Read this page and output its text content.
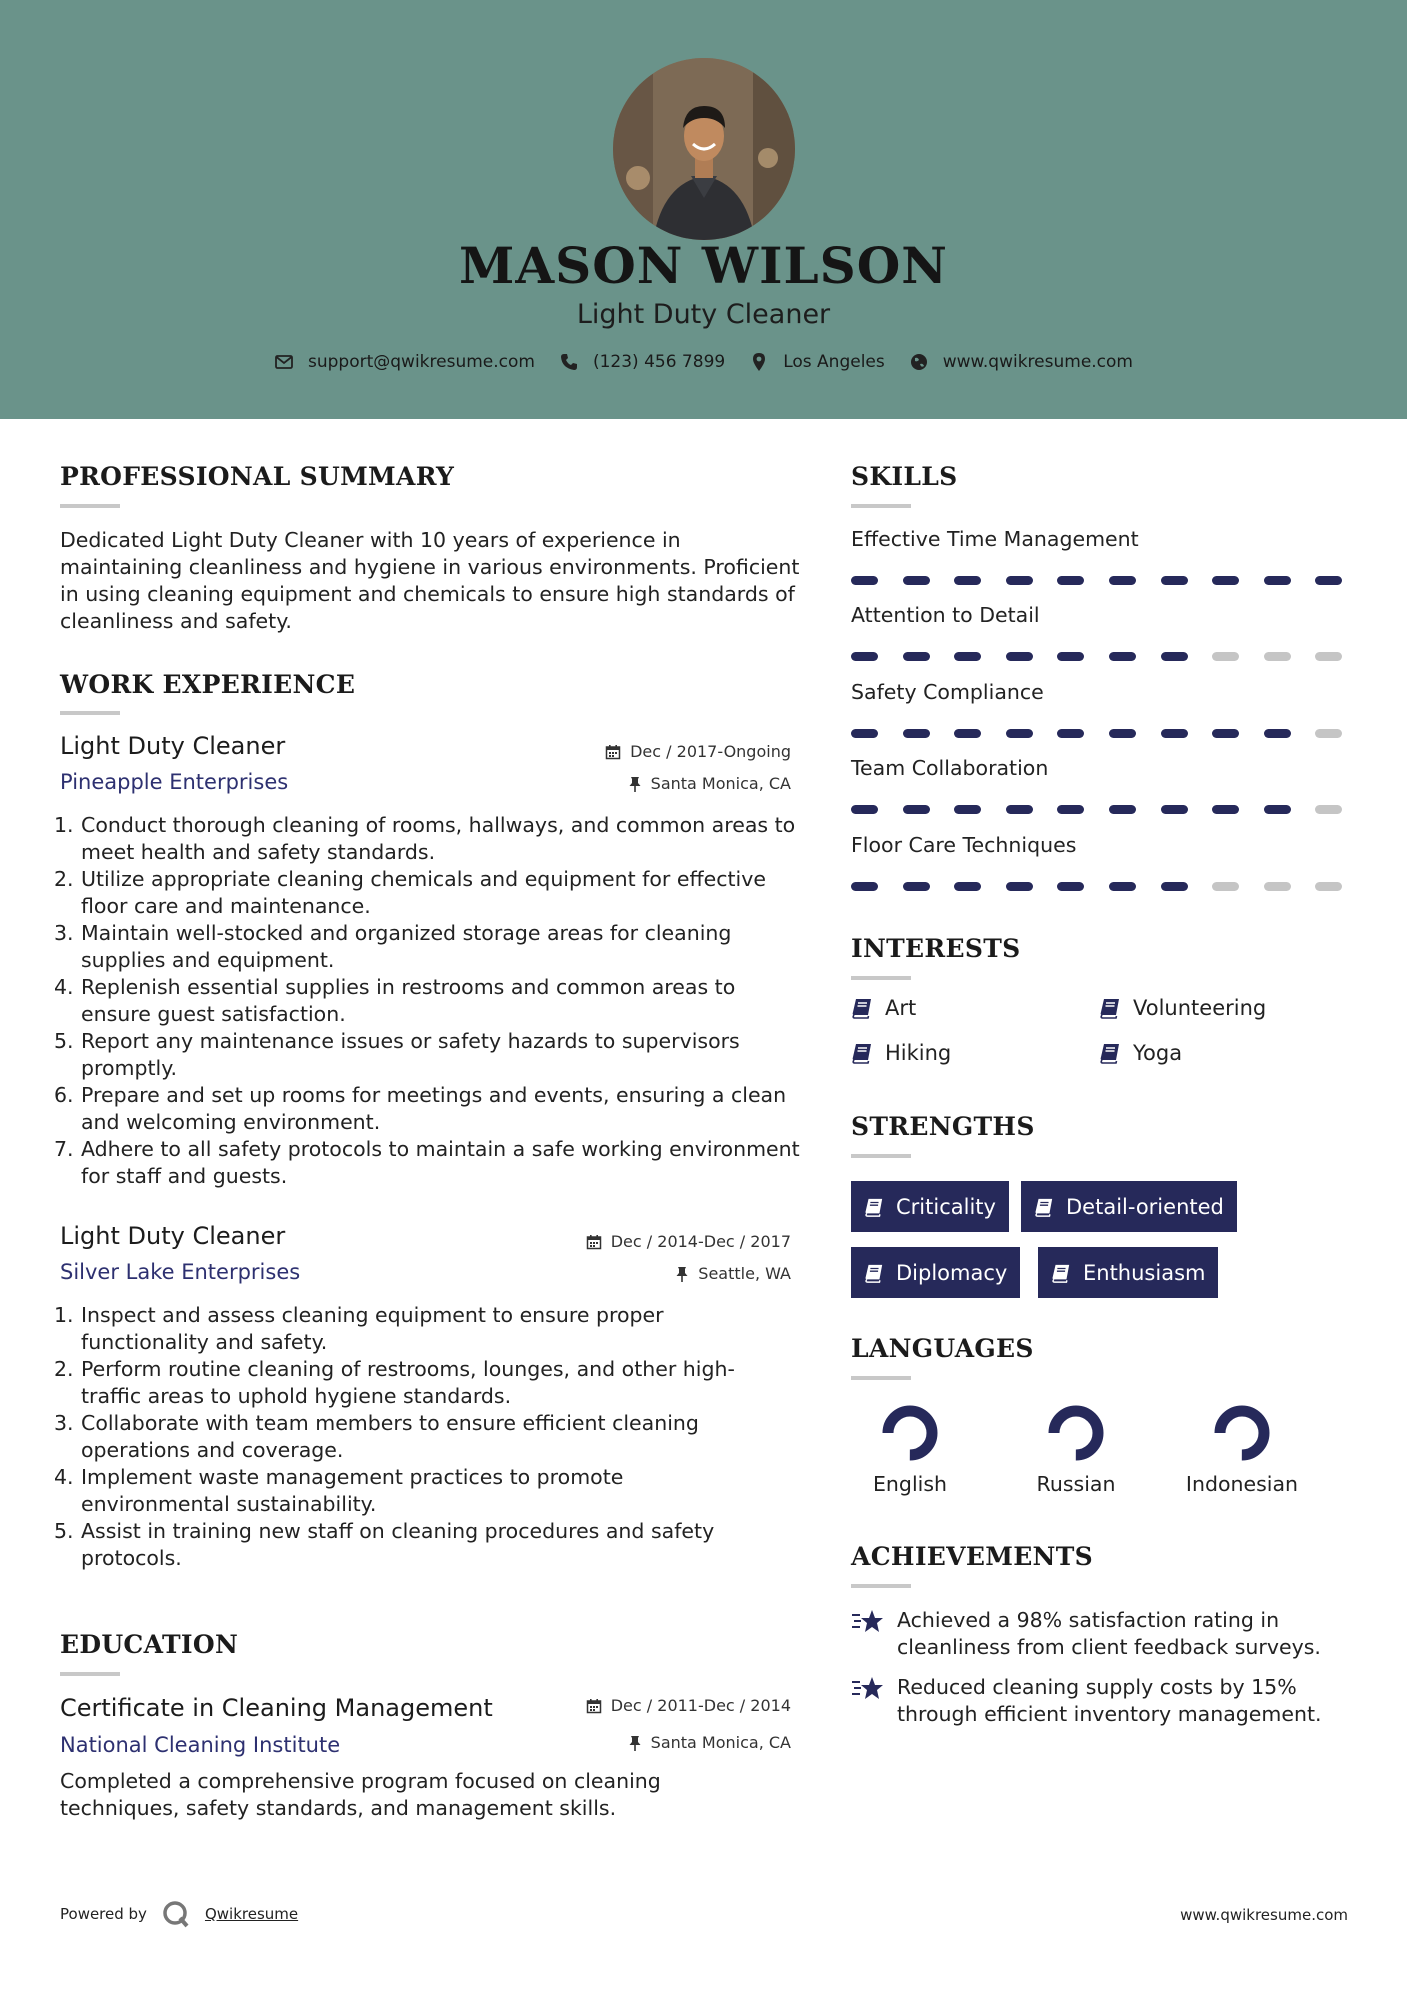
MASON WILSON
Light Duty Cleaner
support@qwikresume.com	(123) 456 7899	Los Angeles	www.qwikresume.com
PROFESSIONAL SUMMARY
Dedicated Light Duty Cleaner with 10 years of experience in maintaining cleanliness and hygiene in various environments. Proficient in using cleaning equipment and chemicals to ensure high standards of cleanliness and safety.
WORK EXPERIENCE
Light Duty Cleaner
Pineapple Enterprises
Dec / 2017-Ongoing
Santa Monica, CA
1. Conduct thorough cleaning of rooms, hallways, and common areas to meet health and safety standards.
2. Utilize appropriate cleaning chemicals and equipment for effective floor care and maintenance.
3. Maintain well-stocked and organized storage areas for cleaning supplies and equipment.
4. Replenish essential supplies in restrooms and common areas to ensure guest satisfaction.
5. Report any maintenance issues or safety hazards to supervisors promptly.
6. Prepare and set up rooms for meetings and events, ensuring a clean and welcoming environment.
7. Adhere to all safety protocols to maintain a safe working environment for staff and guests.
Light Duty Cleaner
Silver Lake Enterprises
Dec / 2014-Dec / 2017
Seattle, WA
1. Inspect and assess cleaning equipment to ensure proper functionality and safety.
2. Perform routine cleaning of restrooms, lounges, and other high-traffic areas to uphold hygiene standards.
3. Collaborate with team members to ensure efficient cleaning operations and coverage.
4. Implement waste management practices to promote environmental sustainability.
5. Assist in training new staff on cleaning procedures and safety protocols.
EDUCATION
Certificate in Cleaning Management
National Cleaning Institute
Dec / 2011-Dec / 2014
Santa Monica, CA
Completed a comprehensive program focused on cleaning techniques, safety standards, and management skills.
SKILLS
Effective Time Management
Attention to Detail
Safety Compliance
Team Collaboration
Floor Care Techniques
INTERESTS
Art	Volunteering
Hiking	Yoga
STRENGTHS
Criticality	Detail-oriented
Diplomacy	Enthusiasm
LANGUAGES
English	Russian	Indonesian
ACHIEVEMENTS
Achieved a 98% satisfaction rating in cleanliness from client feedback surveys.
Reduced cleaning supply costs by 15% through efficient inventory management.
Powered by	Qwikresume	www.qwikresume.com
